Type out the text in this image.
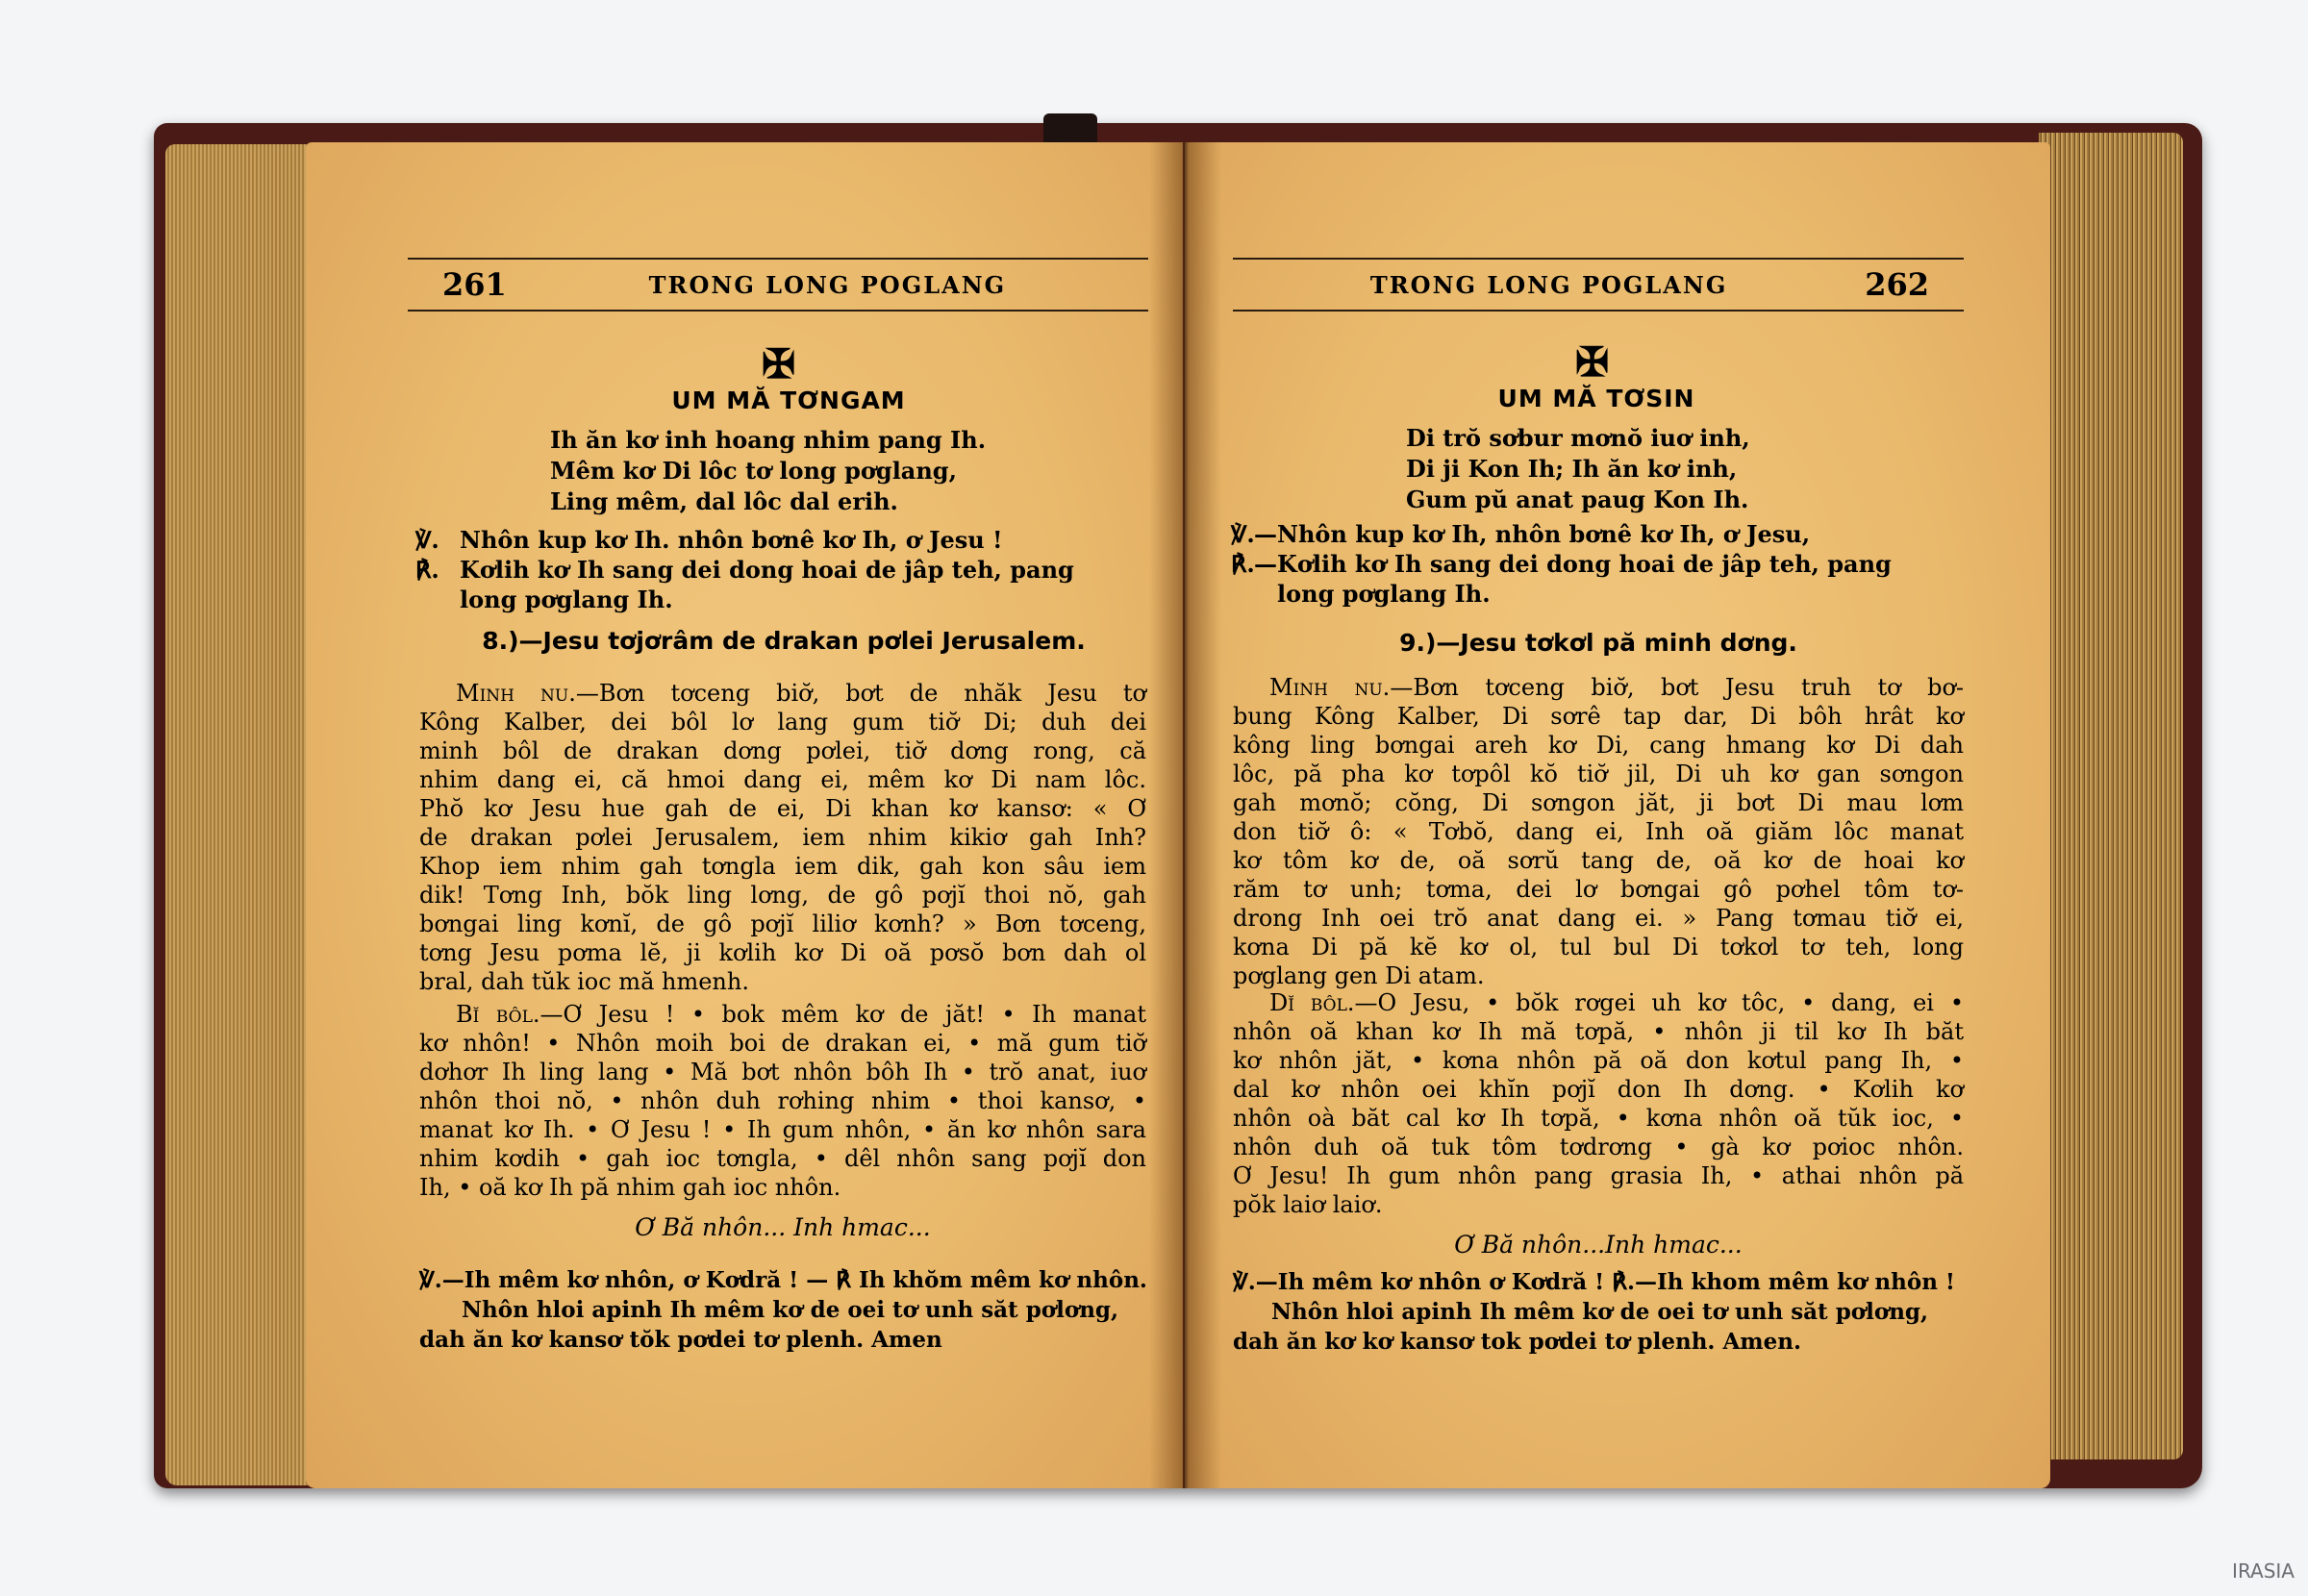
261	TRONG LONG POGLANG
✠
UM MĂ TƠNGAM
Ih ăn kơ inh hoang nhim pang Ih.
Mêm kơ Di lôc tơ long pơglang,
Ling mêm, dal lôc dal erih.
℣. Nhôn kup kơ Ih. nhôn bơnê kơ Ih, ơ Jesu !
℟. Kơlih kơ Ih sang dei dong hoai de jâp teh, pang
long pơglang Ih.
8.)—Jesu tơjơrâm de drakan pơlei Jerusalem.
Minh nu.—Bơn tơceng biơ̆, bơt de nhăk Jesu tơ
Kông Kalber, dei bôl lơ lang gum tiơ̆ Di; duh dei
minh bôl de drakan dơng pơlei, tiơ̆ dơng rong, că
nhim dang ei, că hmoi dang ei, mêm kơ Di nam lôc.
Phŏ kơ Jesu hue gah de ei, Di khan kơ kansơ: « Ơ
de drakan pơlei Jerusalem, iem nhim kikiơ gah Inh?
Khop iem nhim gah tơngla iem dik, gah kon sâu iem
dik! Tơng Inh, bŏk ling lơng, de gô pơjĭ thoi nŏ, gah
bơngai ling kơnĭ, de gô pơjĭ liliơ kơnh? » Bơn tơceng,
tơng Jesu pơma lĕ, ji kơlih kơ Di oă pơsŏ bơn dah ol
bral, dah tŭk ioc mă hmenh.
Bĭ bôl.—Ơ Jesu ! • bok mêm kơ de jăt! • Ih manat
kơ nhôn! • Nhôn moih boi de drakan ei, • mă gum tiơ̆
dơhơr Ih ling lang • Mă bơt nhôn bôh Ih • trŏ anat, iuơ
nhôn thoi nŏ, • nhôn duh rơhing nhim • thoi kansơ, •
manat kơ Ih. • Ơ Jesu ! • Ih gum nhôn, • ăn kơ nhôn sara
nhim kơdih • gah ioc tơngla, • dêl nhôn sang pơjĭ don
Ih, • oă kơ Ih pă nhim gah ioc nhôn.
Ơ Bă nhôn... Inh hmac...
℣.—Ih mêm kơ nhôn, ơ Kơdră ! — ℟ Ih khŏm mêm kơ nhôn.
Nhôn hloi apinh Ih mêm kơ de oei tơ unh săt pơlơng,
dah ăn kơ kansơ tŏk pơdei tơ plenh. Amen
TRONG LONG POGLANG	262
✠
UM MĂ TƠSIN
Di trŏ sơbur mơnŏ iuơ inh,
Di ji Kon Ih; Ih ăn kơ inh,
Gum pŭ anat paug Kon Ih.
℣.—Nhôn kup kơ Ih, nhôn bơnê kơ Ih, ơ Jesu,
℟.—Kơlih kơ Ih sang dei dong hoai de jâp teh, pang
long pơglang Ih.
9.)—Jesu tơkơl pă minh dơng.
Minh nu.—Bơn tơceng biơ̆, bơt Jesu truh tơ bơ-
bung Kông Kalber, Di sơrê tap dar, Di bôh hrât kơ
kông ling bơngai areh kơ Di, cang hmang kơ Di dah
lôc, pă pha kơ tơpôl kŏ tiơ̆ jil, Di uh kơ gan sơngon
gah mơnŏ; cŏng, Di sơngon jăt, ji bơt Di mau lơm
don tiơ̆ ô: « Tơbŏ, dang ei, Inh oă giăm lôc manat
kơ tôm kơ de, oă sơrŭ tang de, oă kơ de hoai kơ
răm tơ unh; tơma, dei lơ bơngai gô pơhel tôm tơ-
drong Inh oei trŏ anat dang ei. » Pang tơmau tiơ̆ ei,
kơna Di pă kĕ kơ ol, tul bul Di tơkơl tơ teh, long
pơglang gen Di atam.
Dĭ bôl.—O Jesu, • bŏk rơgei uh kơ tôc, • dang, ei •
nhôn oă khan kơ Ih mă tơpă, • nhôn ji til kơ Ih băt
kơ nhôn jăt, • kơna nhôn pă oă don kơtul pang Ih, •
dal kơ nhôn oei khĭn pơjĭ don Ih dơng. • Kơlih kơ
nhôn oà băt cal kơ Ih tơpă, • kơna nhôn oă tŭk ioc, •
nhôn duh oă tuk tôm tơdrơng • gà kơ pơioc nhôn.
Ơ Jesu! Ih gum nhôn pang grasia Ih, • athai nhôn pă
pŏk laiơ laiơ.
Ơ Bă nhôn...Inh hmac...
℣.—Ih mêm kơ nhôn ơ Kơdră ! ℟.—Ih khom mêm kơ nhôn !
Nhôn hloi apinh Ih mêm kơ de oei tơ unh săt pơlơng,
dah ăn kơ kơ kansơ tok pơdei tơ plenh. Amen.
IRASIA
